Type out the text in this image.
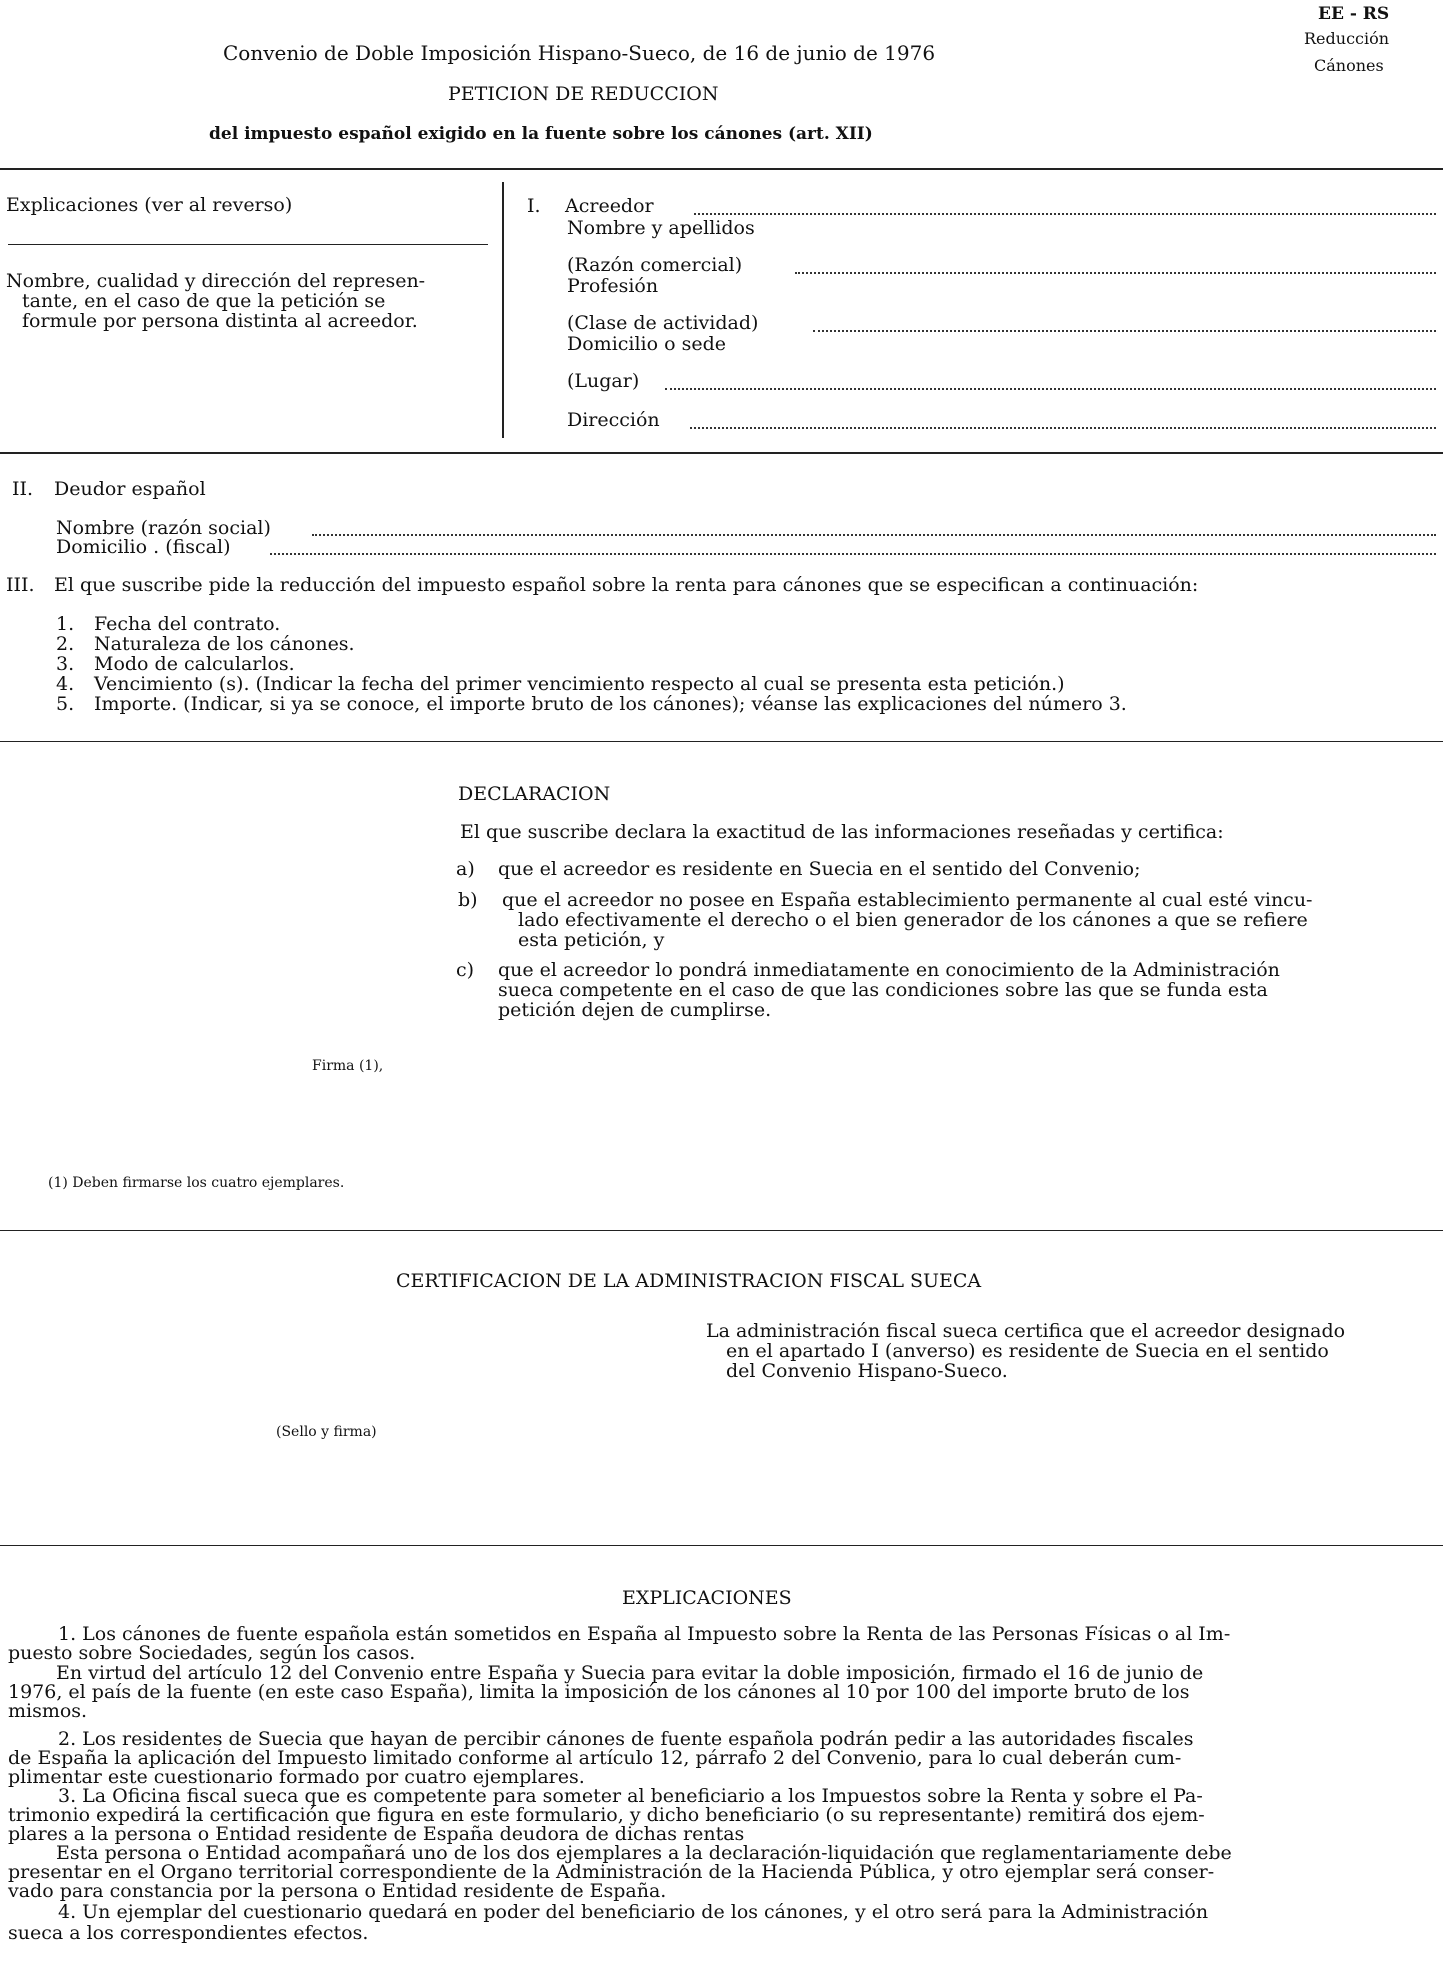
Convenio de Doble Imposición Hispano-Sueco, de 16 de junio de 1976
PETICION DE REDUCCION
del impuesto español exigido en la fuente sobre los cánones (art. XII)
EE - RS
Reducción
Cánones
Explicaciones (ver al reverso)
Nombre, cualidad y dirección del represen-
tante, en el caso de que la petición se
formule por persona distinta al acreedor.
I. Acreedor
Nombre y apellidos
(Razón comercial)
Profesión
(Clase de actividad)
Domicilio o sede
(Lugar)
Dirección
II. Deudor español
Nombre (razón social)
Domicilio . (fiscal)
III. El que suscribe pide la reducción del impuesto español sobre la renta para cánones que se especifican a continuación:
1. Fecha del contrato.
2. Naturaleza de los cánones.
3. Modo de calcularlos.
4. Vencimiento (s). (Indicar la fecha del primer vencimiento respecto al cual se presenta esta petición.)
5. Importe. (Indicar, si ya se conoce, el importe bruto de los cánones); véanse las explicaciones del número 3.
DECLARACION
El que suscribe declara la exactitud de las informaciones reseñadas y certifica:
a) que el acreedor es residente en Suecia en el sentido del Convenio;
b) que el acreedor no posee en España establecimiento permanente al cual esté vincu-
lado efectivamente el derecho o el bien generador de los cánones a que se refiere
esta petición, y
c) que el acreedor lo pondrá inmediatamente en conocimiento de la Administración
sueca competente en el caso de que las condiciones sobre las que se funda esta
petición dejen de cumplirse.
Firma (1),
(1) Deben firmarse los cuatro ejemplares.
CERTIFICACION DE LA ADMINISTRACION FISCAL SUECA
La administración fiscal sueca certifica que el acreedor designado
en el apartado I (anverso) es residente de Suecia en el sentido
del Convenio Hispano-Sueco.
(Sello y firma)
EXPLICACIONES
1. Los cánones de fuente española están sometidos en España al Impuesto sobre la Renta de las Personas Físicas o al Im-
puesto sobre Sociedades, según los casos.
En virtud del artículo 12 del Convenio entre España y Suecia para evitar la doble imposición, firmado el 16 de junio de
1976, el país de la fuente (en este caso España), limita la imposición de los cánones al 10 por 100 del importe bruto de los
mismos.
2. Los residentes de Suecia que hayan de percibir cánones de fuente española podrán pedir a las autoridades fiscales
de España la aplicación del Impuesto limitado conforme al artículo 12, párrafo 2 del Convenio, para lo cual deberán cum-
plimentar este cuestionario formado por cuatro ejemplares.
3. La Oficina fiscal sueca que es competente para someter al beneficiario a los Impuestos sobre la Renta y sobre el Pa-
trimonio expedirá la certificación que figura en este formulario, y dicho beneficiario (o su representante) remitirá dos ejem-
plares a la persona o Entidad residente de España deudora de dichas rentas
Esta persona o Entidad acompañará uno de los dos ejemplares a la declaración-liquidación que reglamentariamente debe
presentar en el Organo territorial correspondiente de la Administración de la Hacienda Pública, y otro ejemplar será conser-
vado para constancia por la persona o Entidad residente de España.
4. Un ejemplar del cuestionario quedará en poder del beneficiario de los cánones, y el otro será para la Administración
sueca a los correspondientes efectos.
